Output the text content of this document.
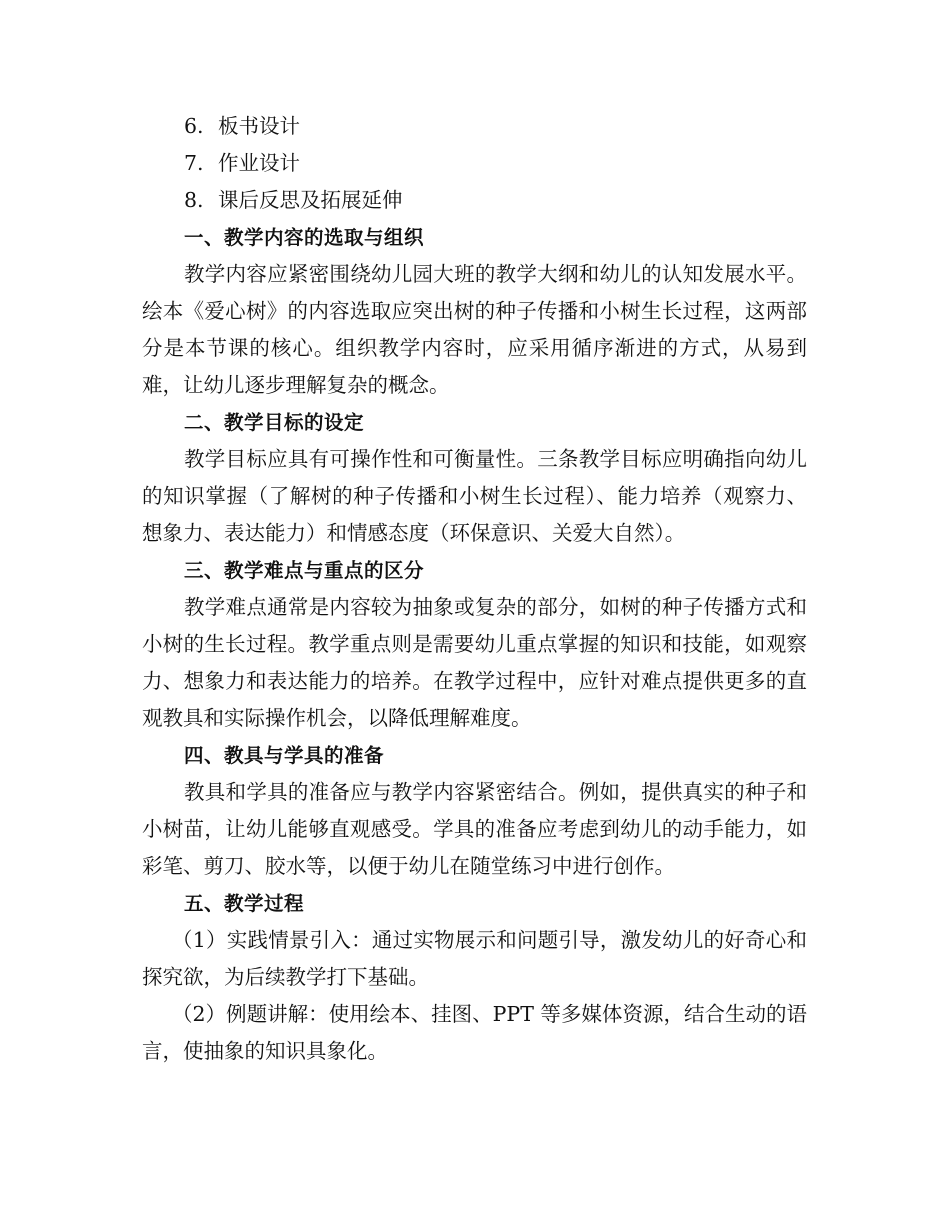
6. 板书设计
7. 作业设计
8. 课后反思及拓展延伸
一、教学内容的选取与组织

教学内容应紧密围绕幼儿园大班的教学大纲和幼儿的认知发展水平。绘本《爱心树》的内容选取应突出树的种子传播和小树生长过程，这两部分是本节课的核心。组织教学内容时，应采用循序渐进的方式，从易到难，让幼儿逐步理解复杂的概念。

二、教学目标的设定

教学目标应具有可操作性和可衡量性。三条教学目标应明确指向幼儿的知识掌握（了解树的种子传播和小树生长过程）、能力培养（观察力、想象力、表达能力）和情感态度（环保意识、关爱大自然）。

三、教学难点与重点的区分

教学难点通常是内容较为抽象或复杂的部分，如树的种子传播方式和小树的生长过程。教学重点则是需要幼儿重点掌握的知识和技能，如观察力、想象力和表达能力的培养。在教学过程中，应针对难点提供更多的直观教具和实际操作机会，以降低理解难度。

四、教具与学具的准备

教具和学具的准备应与教学内容紧密结合。例如，提供真实的种子和小树苗，让幼儿能够直观感受。学具的准备应考虑到幼儿的动手能力，如彩笔、剪刀、胶水等，以便于幼儿在随堂练习中进行创作。

五、教学过程

（1）实践情景引入：通过实物展示和问题引导，激发幼儿的好奇心和探究欲，为后续教学打下基础。

（2）例题讲解：使用绘本、挂图、PPT 等多媒体资源，结合生动的语言，使抽象的知识具象化。
